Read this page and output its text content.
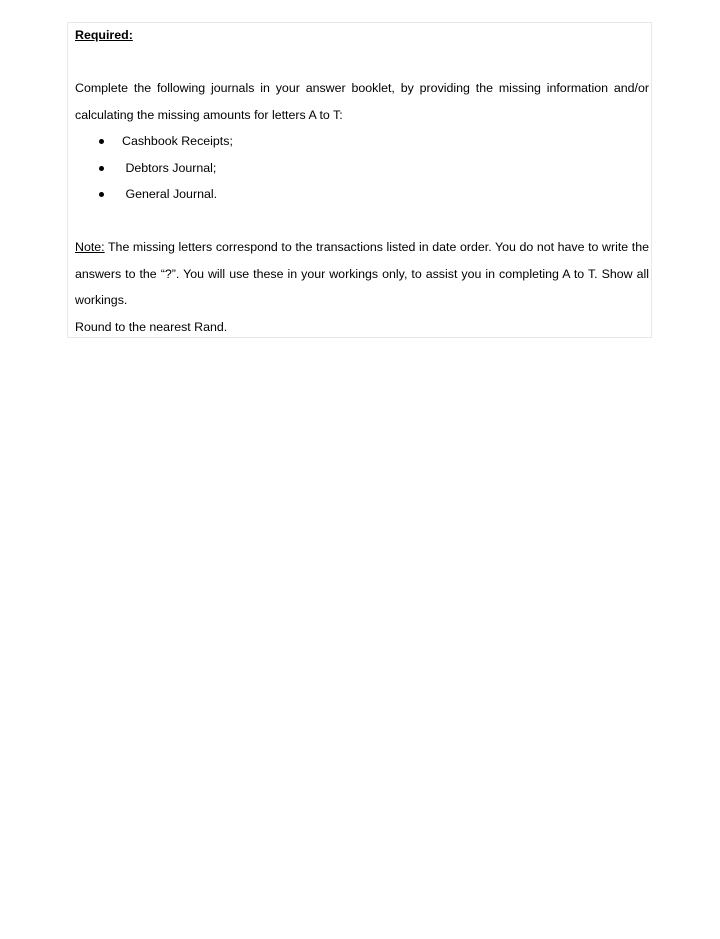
Required:
Complete the following journals in your answer booklet, by providing the missing information and/or calculating the missing amounts for letters A to T:
Cashbook Receipts;
Debtors Journal;
General Journal.
Note: The missing letters correspond to the transactions listed in date order. You do not have to write the answers to the “?”. You will use these in your workings only, to assist you in completing A to T. Show all workings.
Round to the nearest Rand.
